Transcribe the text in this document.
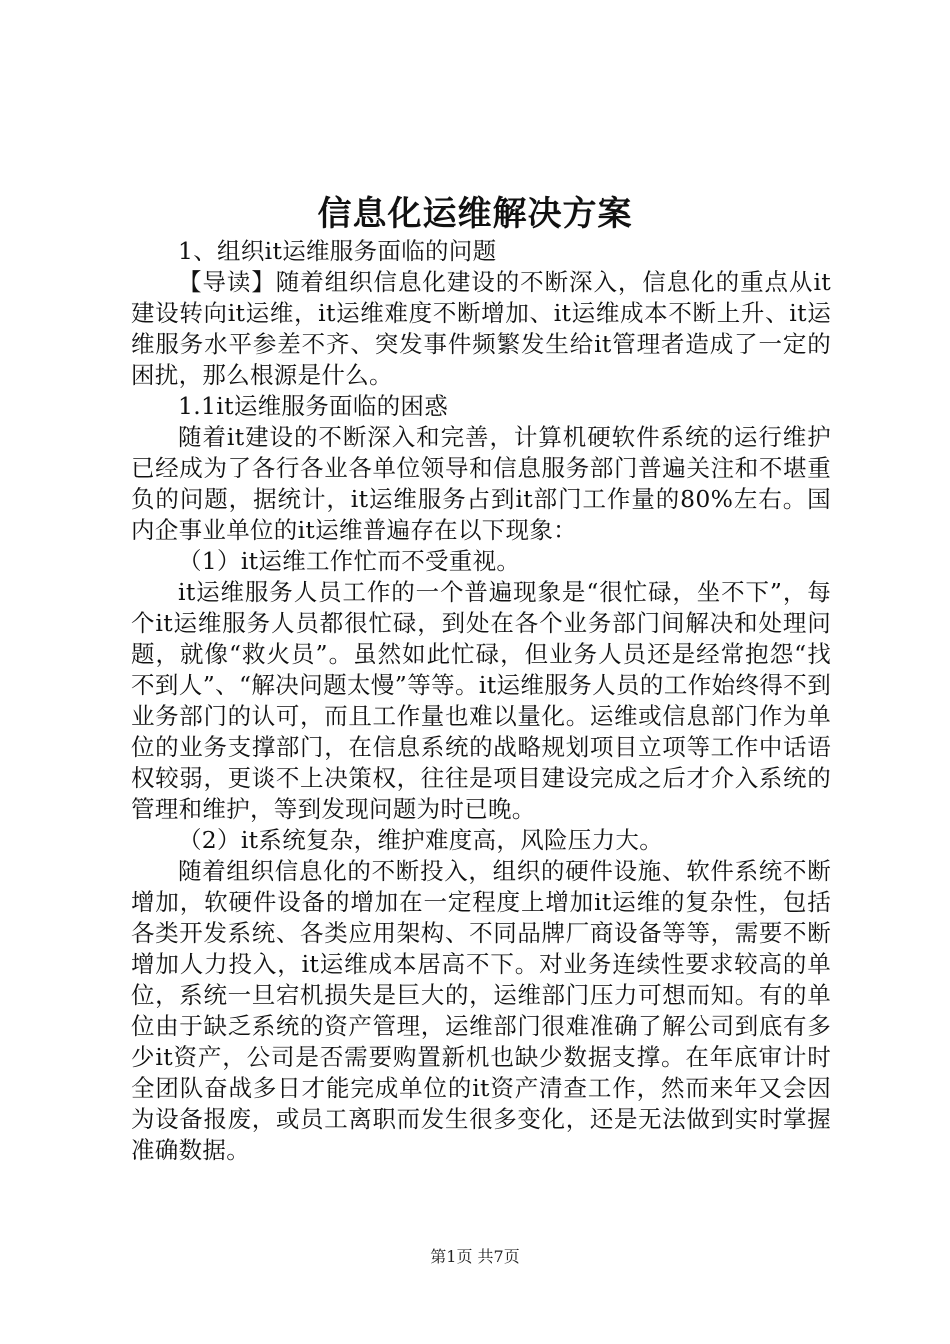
信息化运维解决方案

1、组织it运维服务面临的问题

【导读】随着组织信息化建设的不断深入，信息化的重点从it建设转向it运维，it运维难度不断增加、it运维成本不断上升、it运维服务水平参差不齐、突发事件频繁发生给it管理者造成了一定的困扰，那么根源是什么。

1.1it运维服务面临的困惑

随着it建设的不断深入和完善，计算机硬软件系统的运行维护已经成为了各行各业各单位领导和信息服务部门普遍关注和不堪重负的问题，据统计，it运维服务占到it部门工作量的80%左右。国内企事业单位的it运维普遍存在以下现象：

（1）it运维工作忙而不受重视。

it运维服务人员工作的一个普遍现象是“很忙碌，坐不下”，每个it运维服务人员都很忙碌，到处在各个业务部门间解决和处理问题，就像“救火员”。虽然如此忙碌，但业务人员还是经常抱怨“找不到人”、“解决问题太慢”等等。it运维服务人员的工作始终得不到业务部门的认可，而且工作量也难以量化。运维或信息部门作为单位的业务支撑部门，在信息系统的战略规划项目立项等工作中话语权较弱，更谈不上决策权，往往是项目建设完成之后才介入系统的管理和维护，等到发现问题为时已晚。

（2）it系统复杂，维护难度高，风险压力大。

随着组织信息化的不断投入，组织的硬件设施、软件系统不断增加，软硬件设备的增加在一定程度上增加it运维的复杂性，包括各类开发系统、各类应用架构、不同品牌厂商设备等等，需要不断增加人力投入，it运维成本居高不下。对业务连续性要求较高的单位，系统一旦宕机损失是巨大的，运维部门压力可想而知。有的单位由于缺乏系统的资产管理，运维部门很难准确了解公司到底有多少it资产，公司是否需要购置新机也缺少数据支撑。在年底审计时全团队奋战多日才能完成单位的it资产清查工作，然而来年又会因为设备报废，或员工离职而发生很多变化，还是无法做到实时掌握准确数据。

第1页 共7页
